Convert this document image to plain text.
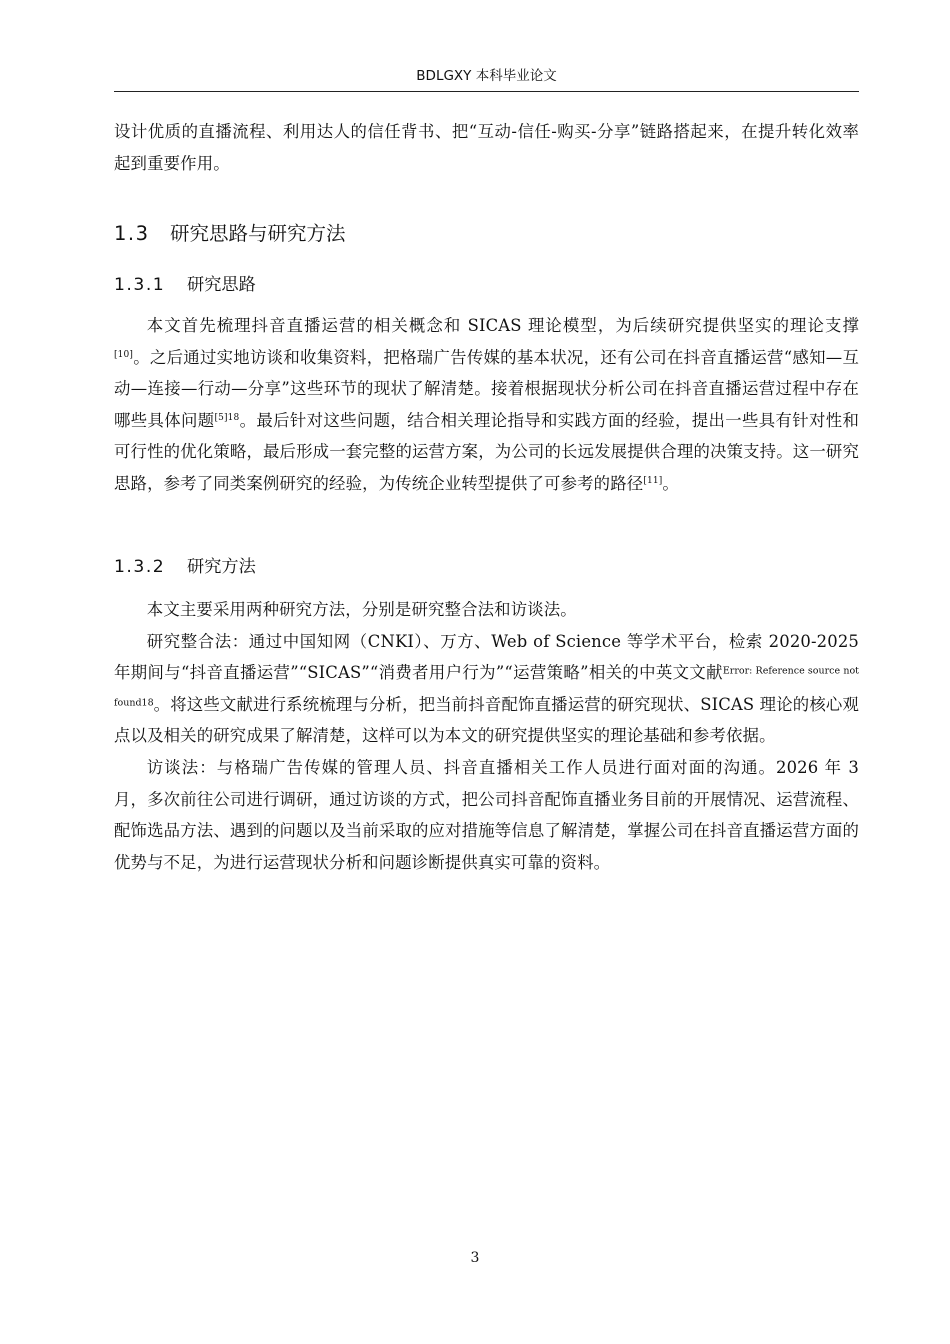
BDLGXY 本科毕业论文

设计优质的直播流程、利用达人的信任背书、把“互动-信任-购买-分享”链路搭起来，在提升转化效率起到重要作用。

1.3 研究思路与研究方法
1.3.1 研究思路

本文首先梳理抖音直播运营的相关概念和 SICAS 理论模型，为后续研究提供坚实的理论支撑[10]。之后通过实地访谈和收集资料，把格瑞广告传媒的基本状况，还有公司在抖音直播运营“感知—互动—连接—行动—分享”这些环节的现状了解清楚。接着根据现状分析公司在抖音直播运营过程中存在哪些具体问题$^{[5]18}$。最后针对这些问题，结合相关理论指导和实践方面的经验，提出一些具有针对性和可行性的优化策略，最后形成一套完整的运营方案，为公司的长远发展提供合理的决策支持。这一研究思路，参考了同类案例研究的经验，为传统企业转型提供了可参考的路径[11]。

1.3.2 研究方法

本文主要采用两种研究方法，分别是研究整合法和访谈法。

研究整合法：通过中国知网（CNKI）、万方、Web of Science 等学术平台，检索 2020-2025 年期间与“抖音直播运营”“SICAS”“消费者用户行为”“运营策略”相关的中英文文献$^{Error: Reference source not found18}$。将这些文献进行系统梳理与分析，把当前抖音配饰直播运营的研究现状、SICAS 理论的核心观点以及相关的研究成果了解清楚，这样可以为本文的研究提供坚实的理论基础和参考依据。

访谈法：与格瑞广告传媒的管理人员、抖音直播相关工作人员进行面对面的沟通。2026 年 3 月，多次前往公司进行调研，通过访谈的方式，把公司抖音配饰直播业务目前的开展情况、运营流程、配饰选品方法、遇到的问题以及当前采取的应对措施等信息了解清楚，掌握公司在抖音直播运营方面的优势与不足，为进行运营现状分析和问题诊断提供真实可靠的资料。

3
